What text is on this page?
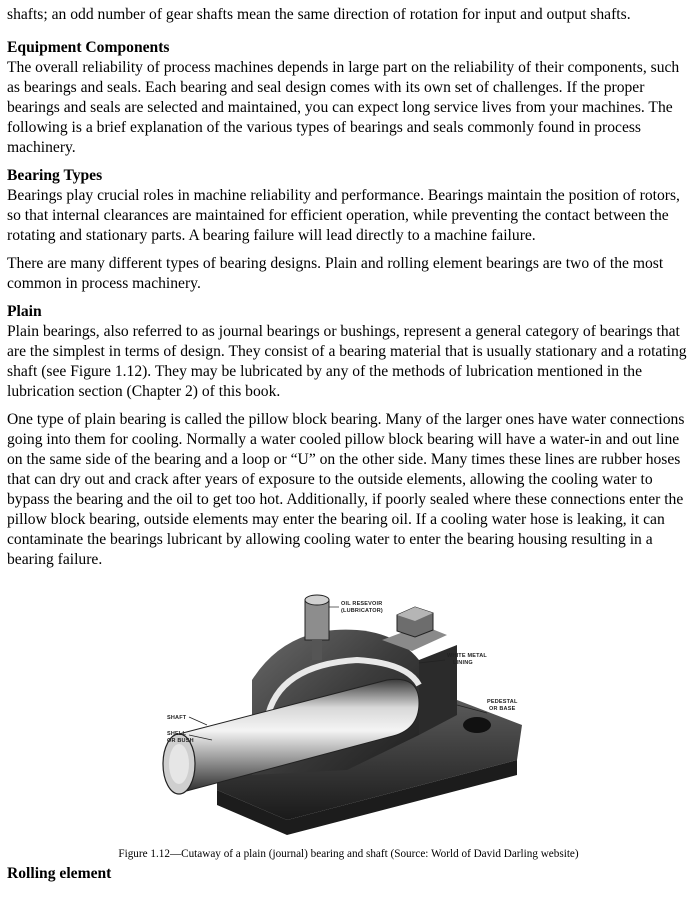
shafts; an odd number of gear shafts mean the same direction of rotation for input and output shafts.

Equipment Components

The overall reliability of process machines depends in large part on the reliability of their components, such as bearings and seals. Each bearing and seal design comes with its own set of challenges. If the proper bearings and seals are selected and maintained, you can expect long service lives from your machines. The following is a brief explanation of the various types of bearings and seals commonly found in process machinery.

Bearing Types

Bearings play crucial roles in machine reliability and performance. Bearings maintain the position of rotors, so that internal clearances are maintained for efficient operation, while preventing the contact between the rotating and stationary parts. A bearing failure will lead directly to a machine failure.

There are many different types of bearing designs. Plain and rolling element bearings are two of the most common in process machinery.

Plain

Plain bearings, also referred to as journal bearings or bushings, represent a general category of bearings that are the simplest in terms of design. They consist of a bearing material that is usually stationary and a rotating shaft (see Figure 1.12). They may be lubricated by any of the methods of lubrication mentioned in the lubrication section (Chapter 2) of this book.

One type of plain bearing is called the pillow block bearing. Many of the larger ones have water connections going into them for cooling. Normally a water cooled pillow block bearing will have a water-in and out line on the same side of the bearing and a loop or “U” on the other side. Many times these lines are rubber hoses that can dry out and crack after years of exposure to the outside elements, allowing the cooling water to bypass the bearing and the oil to get too hot. Additionally, if poorly sealed where these connections enter the pillow block bearing, outside elements may enter the bearing oil. If a cooling water hose is leaking, it can contaminate the bearings lubricant by allowing cooling water to enter the bearing housing resulting in a bearing failure.

OIL RESEVOIR
(LUBRICATOR)
WHITE METAL
LINING
PEDESTAL
OR BASE
SHAFT
SHELL
OR BUSH

Figure 1.12—Cutaway of a plain (journal) bearing and shaft (Source: World of David Darling website)

Rolling element
